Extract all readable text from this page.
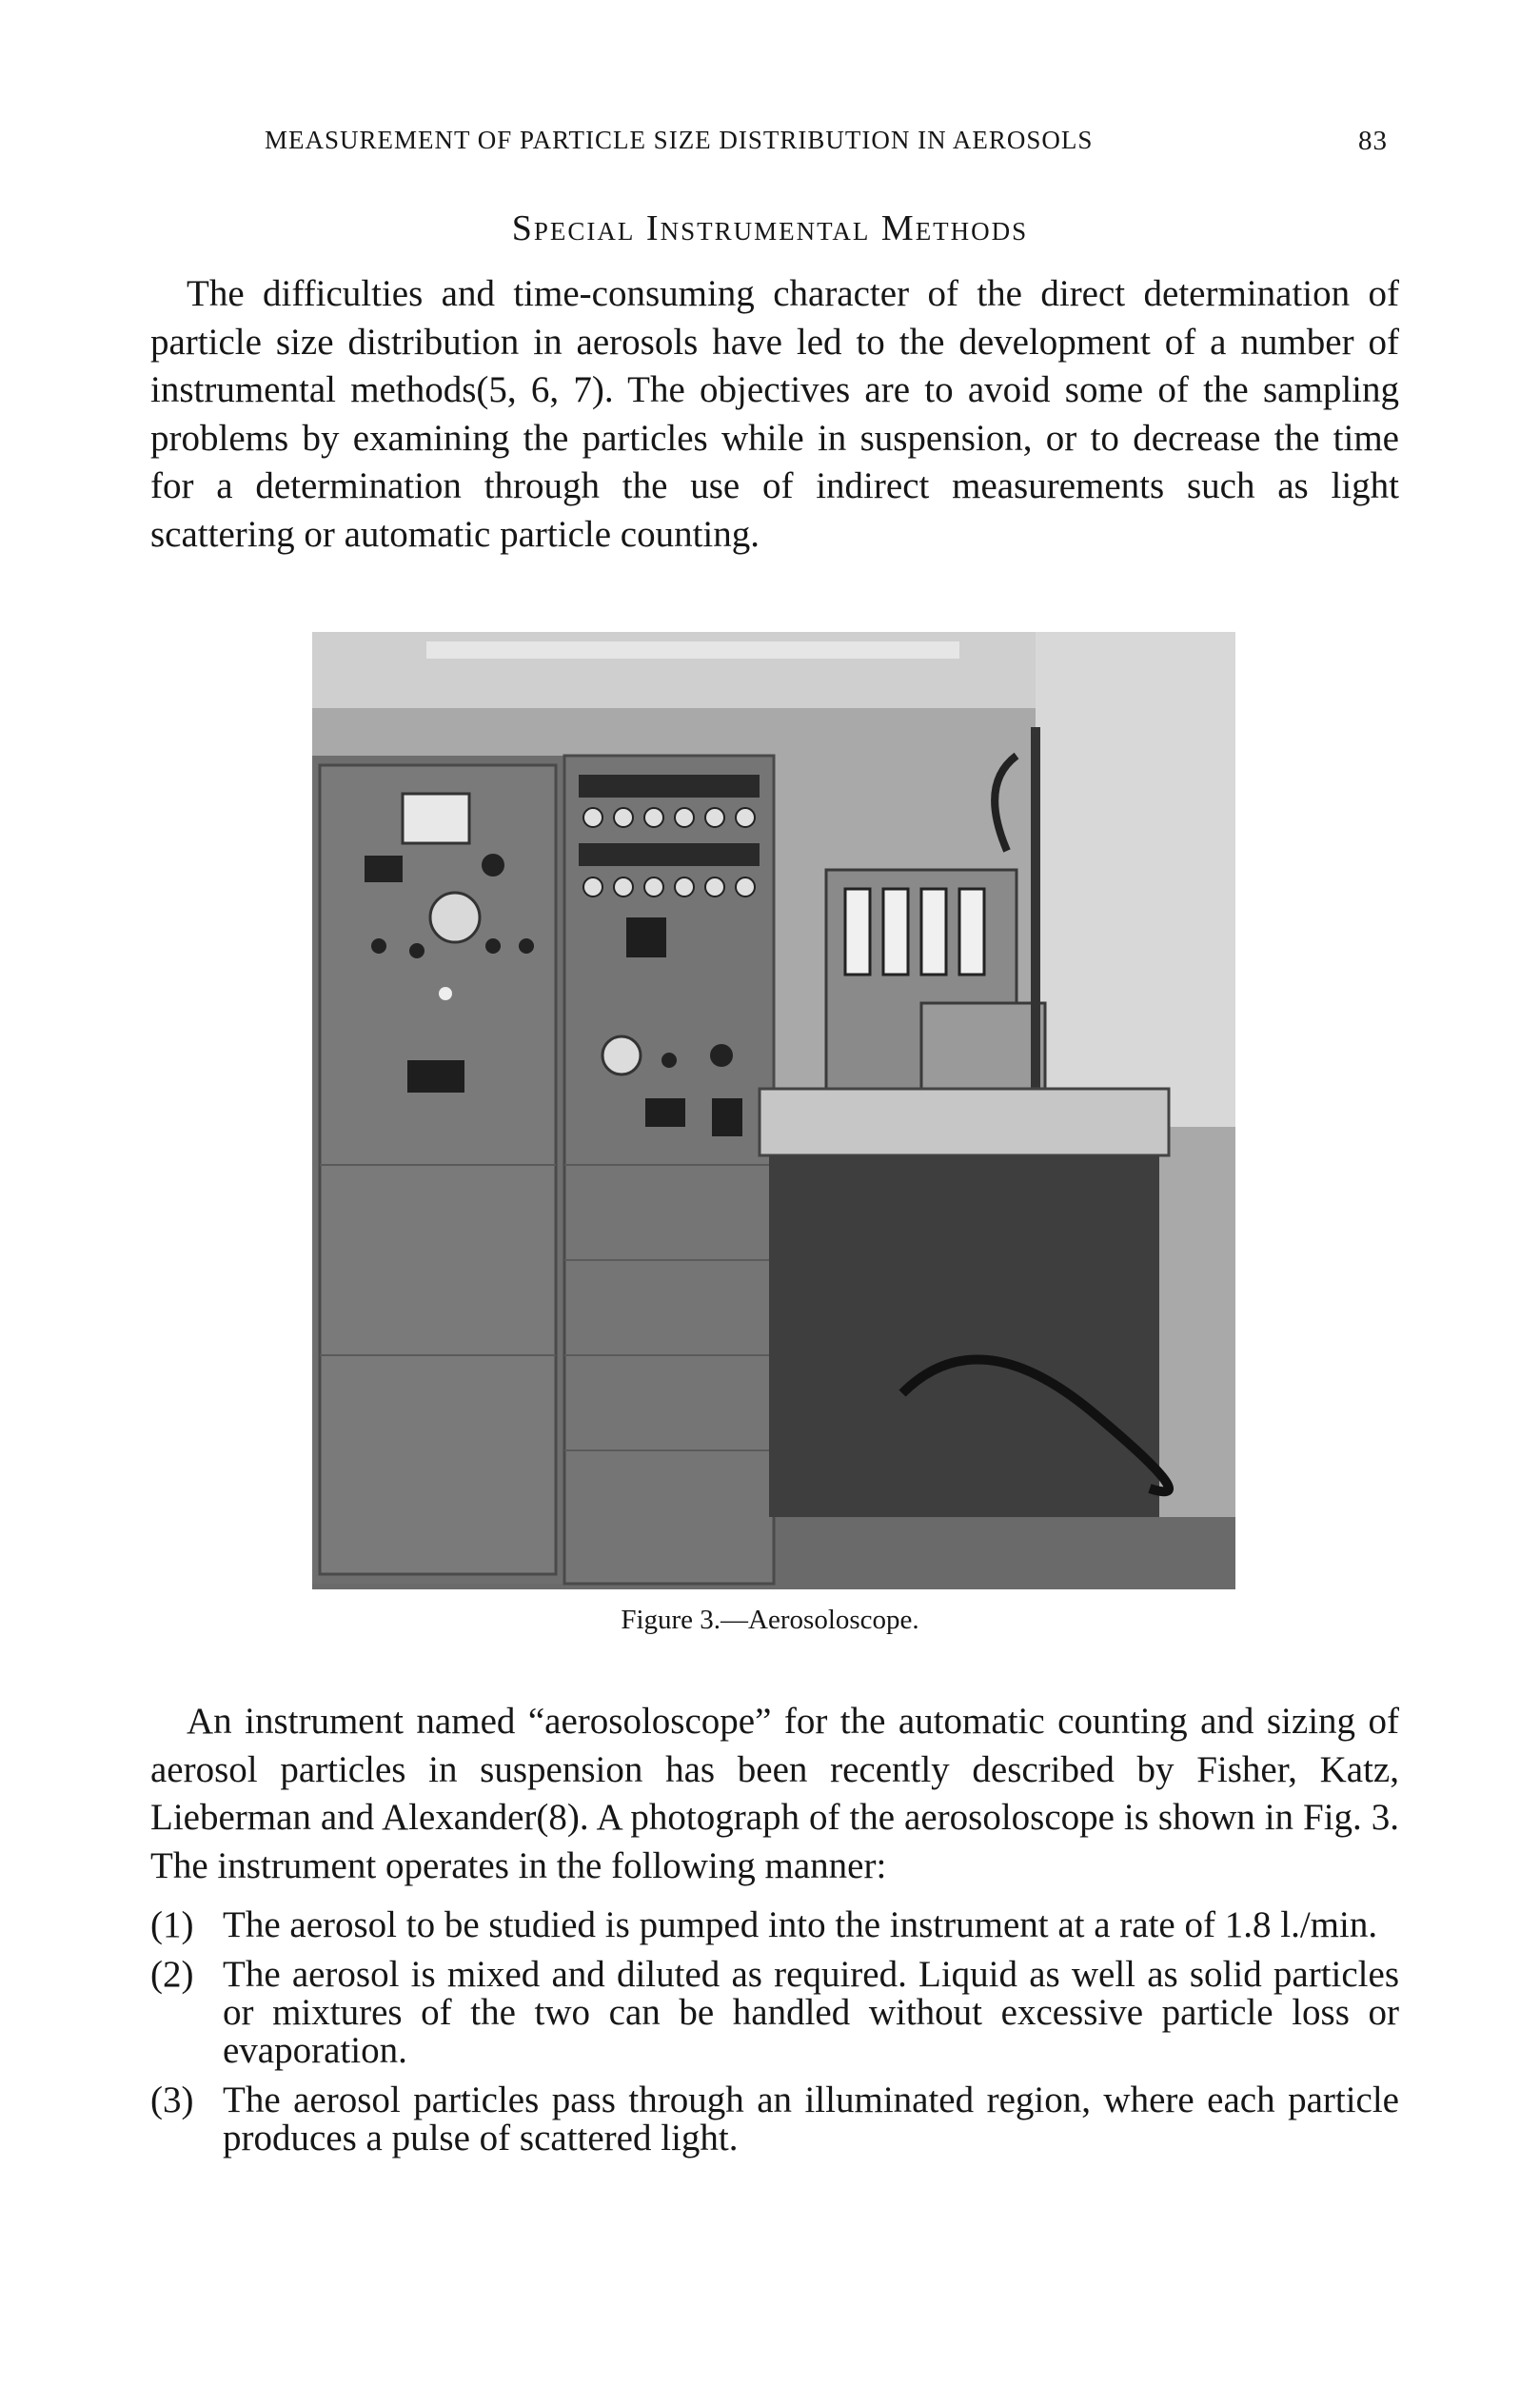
MEASUREMENT OF PARTICLE SIZE DISTRIBUTION IN AEROSOLS	83
Special Instrumental Methods

The difficulties and time-consuming character of the direct determination of particle size distribution in aerosols have led to the development of a number of instrumental methods(5, 6, 7). The objectives are to avoid some of the sampling problems by examining the particles while in suspension, or to decrease the time for a determination through the use of indirect measurements such as light scattering or automatic particle counting.

Figure 3.—Aerosoloscope.

An instrument named “aerosoloscope” for the automatic counting and sizing of aerosol particles in suspension has been recently described by Fisher, Katz, Lieberman and Alexander(8). A photograph of the aerosoloscope is shown in Fig. 3. The instrument operates in the following manner:

(1) The aerosol to be studied is pumped into the instrument at a rate of 1.8 l./min.
(2) The aerosol is mixed and diluted as required. Liquid as well as solid particles or mixtures of the two can be handled without excessive particle loss or evaporation.
(3) The aerosol particles pass through an illuminated region, where each particle produces a pulse of scattered light.
